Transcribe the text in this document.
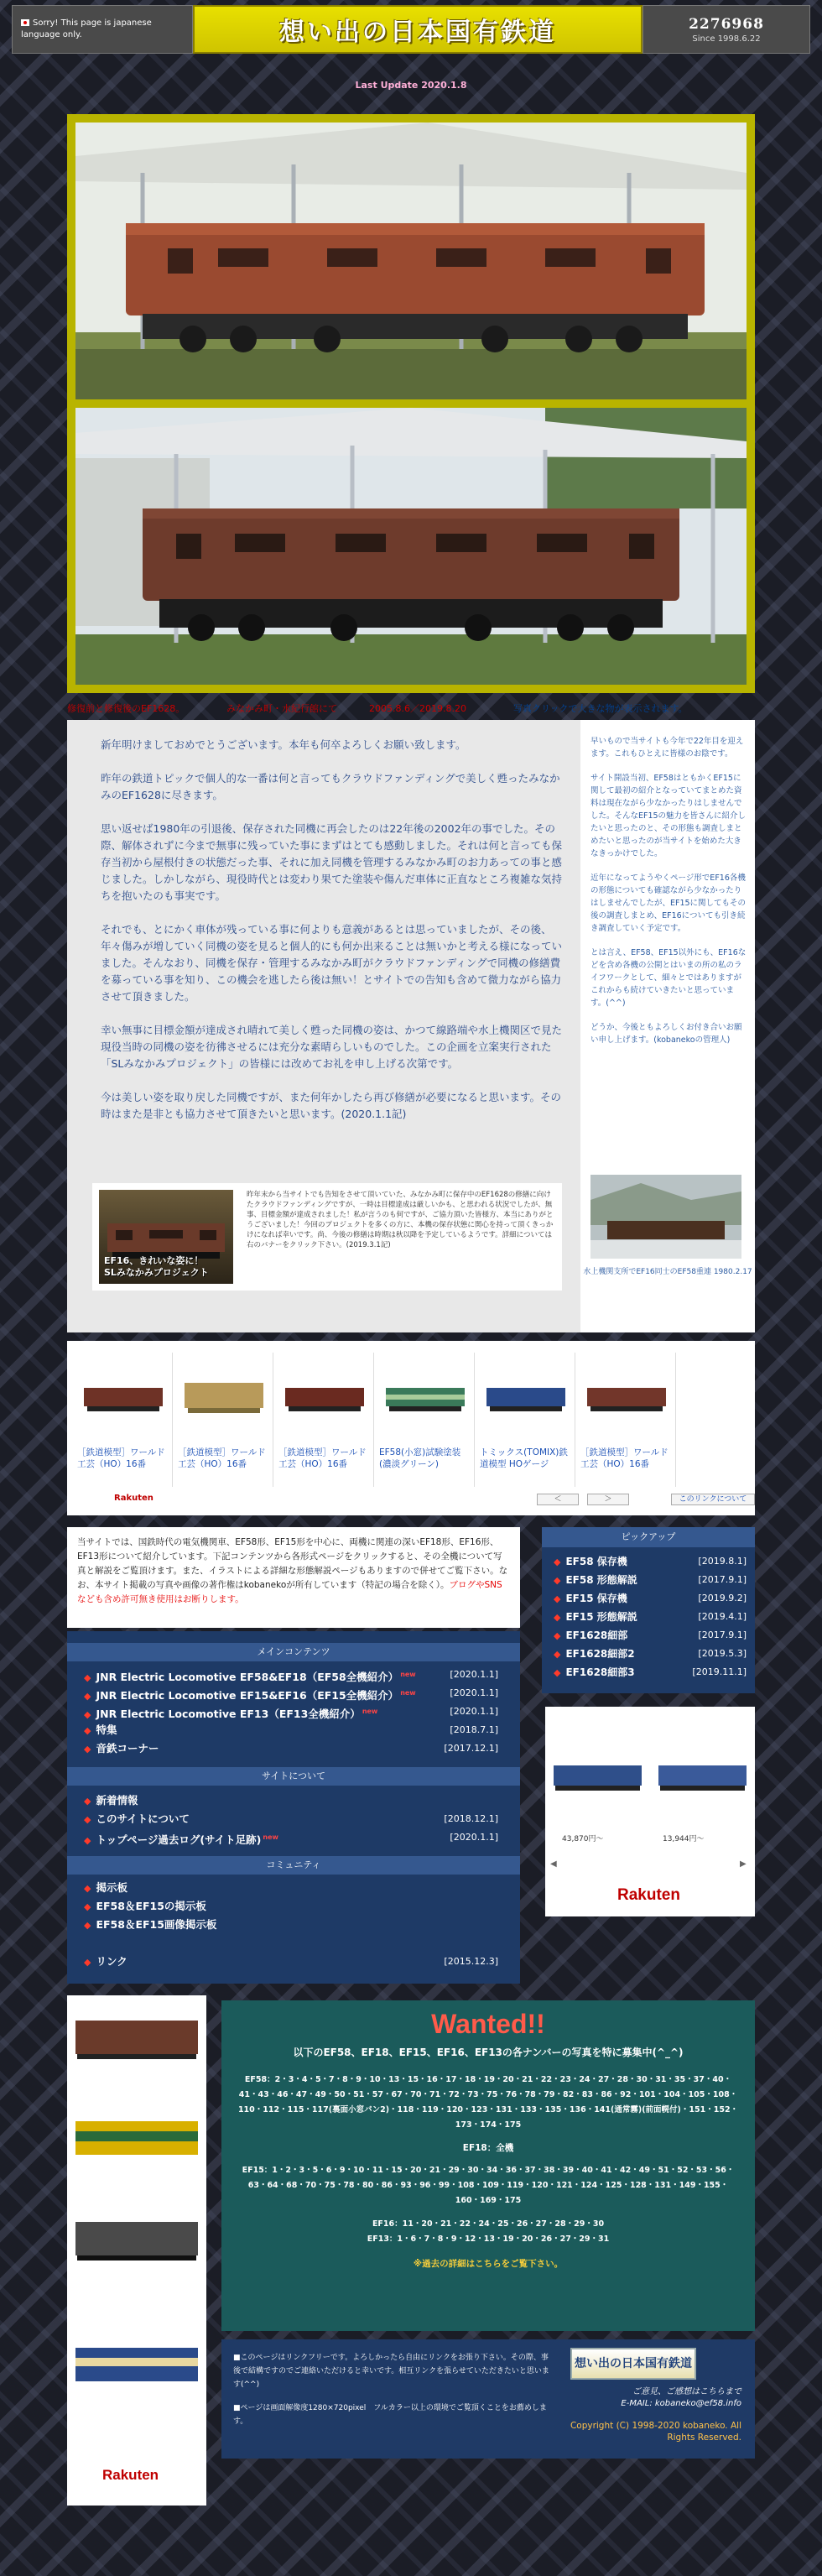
Sorry! This page is japanese language only.	想い出の日本国有鉄道	2276968
Since 1998.6.22
Last Update 2020.1.8
修復前と修復後のEF1628。	みなかみ町・水紀行館にて	2005.8.6／2019.8.20	写真クリックで大きな物が表示されます。

新年明けましておめでとうございます。本年も何卒よろしくお願い致します。

昨年の鉄道トピックで個人的な一番は何と言ってもクラウドファンディングで美しく甦ったみなかみのEF1628に尽きます。

思い返せば1980年の引退後、保存された同機に再会したのは22年後の2002年の事でした。その際、解体されずに今まで無事に残っていた事にまずはとても感動しました。それは何と言っても保存当初から屋根付きの状態だった事、それに加え同機を管理するみなかみ町のお力あっての事と感じました。しかしながら、現役時代とは変わり果てた塗装や傷んだ車体に正直なところ複雑な気持ちを抱いたのも事実です。

それでも、とにかく車体が残っている事に何よりも意義があるとは思っていましたが、その後、年々傷みが増していく同機の姿を見ると個人的にも何か出来ることは無いかと考える様になっていました。そんなおり、同機を保存・管理するみなかみ町がクラウドファンディングで同機の修繕費を募っている事を知り、この機会を逃したら後は無い！とサイトでの告知も含めて微力ながら協力させて頂きました。

幸い無事に目標金額が達成され晴れて美しく甦った同機の姿は、かつて線路端や水上機関区で見た現役当時の同機の姿を彷彿させるには充分な素晴らしいものでした。この企画を立案実行された「SLみなかみプロジェクト」の皆様には改めてお礼を申し上げる次第です。

今は美しい姿を取り戻した同機ですが、また何年かしたら再び修繕が必要になると思います。その時はまた是非とも協力させて頂きたいと思います。(2020.1.1記)

早いもので当サイトも今年で22年目を迎えます。これもひとえに皆様のお陰です。

サイト開設当初、EF58はともかくEF15に関して最初の紹介となっていてまとめた資料は現在ながら少なかったりはしませんでした。そんなEF15の魅力を皆さんに紹介したいと思ったのと、その形態も調査しまとめたいと思ったのが当サイトを始めた大きなきっかけでした。

近年になってようやくページ形でEF16各機の形態についても確認ながら少なかったりはしませんでしたが、EF15に関してもその後の調査しまとめ、EF16についても引き続き調査していく予定です。

とは言え、EF58、EF15以外にも、EF16などを含め各機の公開とはいまの所の私のライフワークとして、細々とではありますがこれからも続けていきたいと思っています。(^^)

どうか、今後ともよろしくお付き合いお願い申し上げます。(kobanekoの管理人)

EF16、きれいな姿に！
SLみなかみプロジェクト
昨年末から当サイトでも告知をさせて頂いていた、みなかみ町に保存中のEF1628の修繕に向けたクラウドファンディングですが、一時は目標達成は厳しいかも、と思われる状況でしたが、無事、目標金額が達成されました！私が言うのも何ですが、ご協力頂いた皆様方、本当にありがとうございました！今回のプロジェクトを多くの方に、本機の保存状態に関心を持って頂くきっかけになれば幸いです。尚、今後の修繕は時期は秋以降を予定しているようです。詳細については右のバナーをクリック下さい。(2019.3.1記)
水上機関支所でEF16同士のEF58重連 1980.2.17
［鉄道模型］ワールド工芸（HO）16番
［鉄道模型］ワールド工芸（HO）16番
［鉄道模型］ワールド工芸（HO）16番
EF58(小窓)試験塗装(濃淡グリーン)
トミックス(TOMIX)鉄道模型 HOゲージ
［鉄道模型］ワールド工芸（HO）16番
Rakuten	＜	＞	このリンクについて
当サイトでは、国鉄時代の電気機関車、EF58形、EF15形を中心に、両機に関連の深いEF18形、EF16形、EF13形について紹介しています。下記コンテンツから各形式ページをクリックすると、その全機について写真と解説をご覧頂けます。また、イラストによる詳細な形態解説ページもありますので併せてご覧下さい。なお、本サイト掲載の写真や画像の著作権はkobanekoが所有しています（特記の場合を除く）。ブログやSNSなども含め許可無き使用はお断りします。
メインコンテンツ
◆ JNR Electric Locomotive EF58&EF18（EF58全機紹介） $^{new}$	[2020.1.1]
◆ JNR Electric Locomotive EF15&EF16（EF15全機紹介） $^{new}$	[2020.1.1]
◆ JNR Electric Locomotive EF13（EF13全機紹介） $^{new}$	[2020.1.1]
◆ 特集	[2018.7.1]
◆ 音鉄コーナー	[2017.12.1]
サイトについて
◆ 新着情報
◆ このサイトについて	[2018.12.1]
◆ トップページ過去ログ(サイト足跡) $^{new}$	[2020.1.1]
コミュニティ
◆ 掲示板
◆ EF58＆EF15の掲示板
◆ EF58＆EF15画像掲示板
◆ リンク	[2015.12.3]
ピックアップ
◆ EF58 保存機	[2019.8.1]
◆ EF58 形態解説	[2017.9.1]
◆ EF15 保存機	[2019.9.2]
◆ EF15 形態解説	[2019.4.1]
◆ EF1628細部	[2017.9.1]
◆ EF1628細部2	[2019.5.3]
◆ EF1628細部3	[2019.11.1]
43,870円～	13,944円～
◀	▶
Rakuten
Rakuten
Wanted!!
以下のEF58、EF18、EF15、EF16、EF13の各ナンバーの写真を特に募集中(^_^)
EF58：2・3・4・5・7・8・9・10・13・15・16・17・18・19・20・21・22・23・24・27・28・30・31・35・37・40・41・43・46・47・49・50・51・57・67・70・71・72・73・75・76・78・79・82・83・86・92・101・104・105・108・110・112・115・117(裏面小窓パン2)・118・119・120・123・131・133・135・136・141(通常霧)(前面幌付)・151・152・173・174・175
EF18：全機
EF15：1・2・3・5・6・9・10・11・15・20・21・29・30・34・36・37・38・39・40・41・42・49・51・52・53・56・63・64・68・70・75・78・80・86・93・96・99・108・109・119・120・121・124・125・128・131・149・155・160・169・175
EF16：11・20・21・22・24・25・26・27・28・29・30
EF13：1・6・7・8・9・12・13・19・20・26・27・29・31
※過去の詳細はこちらをご覧下さい。

■このページはリンクフリーです。よろしかったら自由にリンクをお張り下さい。その際、事後で結構ですのでご連絡いただけると幸いです。相互リンクを張らせていただきたいと思います(^^)

■ページは画面解像度1280×720pixel　フルカラー以上の環境でご覧頂くことをお薦めします。

想い出の日本国有鉄道
ご意見、ご感想はこちらまで
E-MAIL: kobaneko@ef58.info
Copyright (C) 1998-2020 kobaneko. All Rights Reserved.
